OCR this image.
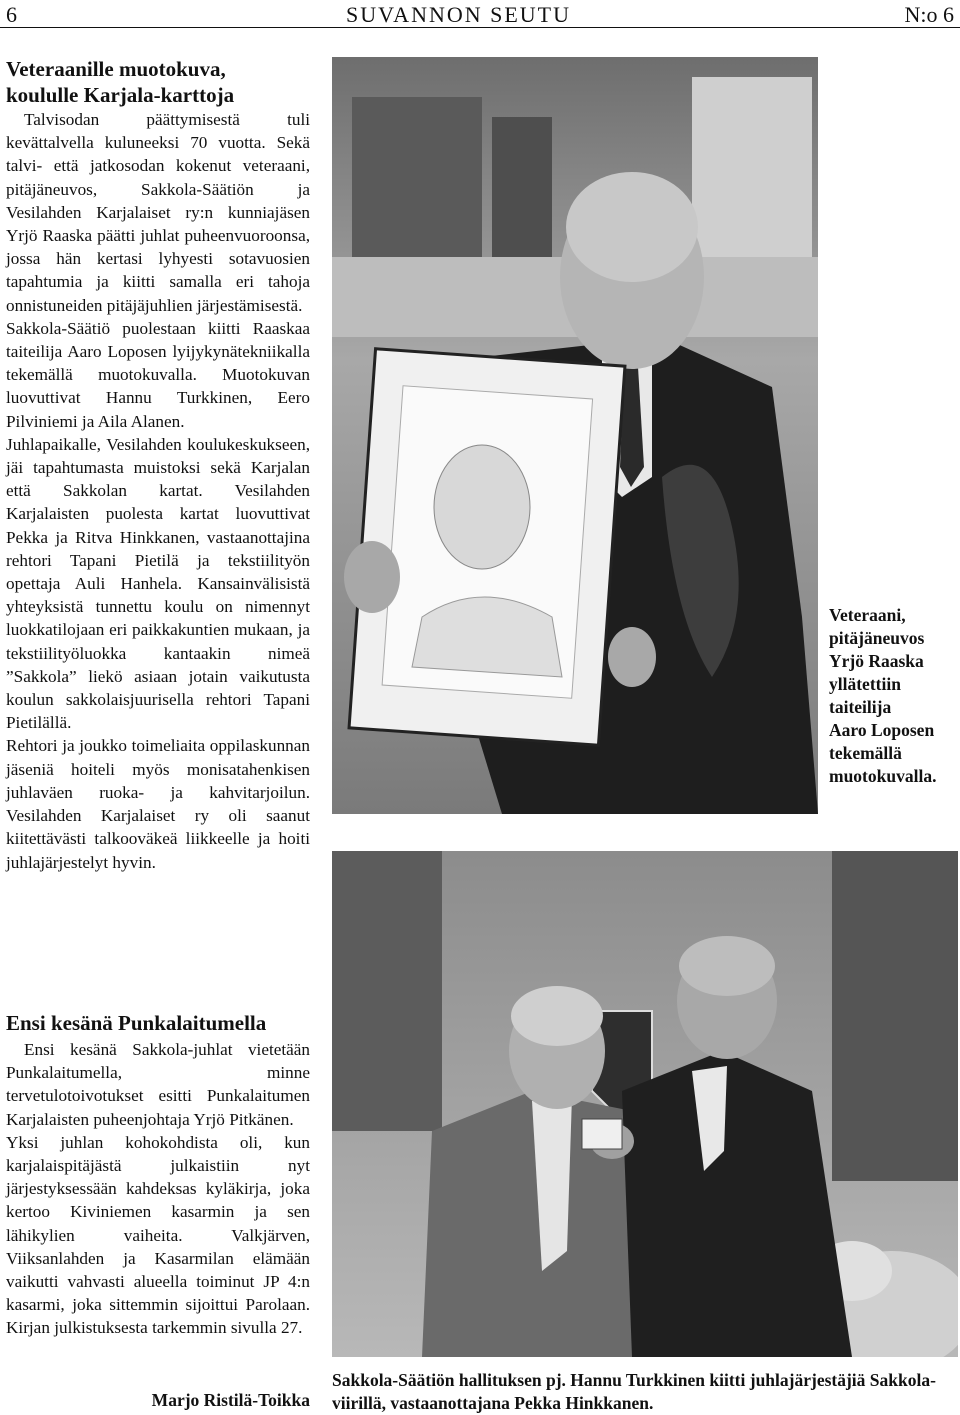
6	SUVANNON SEUTU	N:o 6
Veteraanille muotokuva,
koululle Karjala-karttoja

Talvisodan päättymisestä tuli kevättalvella kuluneeksi 70 vuotta. Sekä talvi- että jatkosodan kokenut veteraani, pitäjäneuvos, Sakkola-Säätiön ja Vesilahden Karjalaiset ry:n kunniajäsen Yrjö Raaska päätti juhlat puheenvuoroonsa, jossa hän kertasi lyhyesti sotavuosien tapahtumia ja kiitti samalla eri tahoja onnistuneiden pitäjäjuhlien järjestämisestä.

Sakkola-Säätiö puolestaan kiitti Raaskaa taiteilija Aaro Loposen lyijykynätekniikalla tekemällä muotokuvalla. Muotokuvan luovuttivat Hannu Turkkinen, Eero Pilviniemi ja Aila Alanen.

Juhlapaikalle, Vesilahden koulukeskukseen, jäi tapahtumasta muistoksi sekä Karjalan että Sakkolan kartat. Vesilahden Karjalaisten puolesta kartat luovuttivat Pekka ja Ritva Hinkkanen, vastaanottajina rehtori Tapani Pietilä ja tekstiilityön opettaja Auli Hanhela. Kansainvälisistä yhteyksistä tunnettu koulu on nimennyt luokkatilojaan eri paikkakuntien mukaan, ja tekstiilityöluokka kantaakin nimeä ”Sakkola” liekö asiaan jotain vaikutusta koulun sakkolaisjuurisella rehtori Tapani Pietilällä.

Rehtori ja joukko toimeliaita oppilaskunnan jäseniä hoiteli myös monisatahenkisen juhlaväen ruoka- ja kahvitarjoilun. Vesilahden Karjalaiset ry oli saanut kiitettävästi talkooväkeä liikkeelle ja hoiti juhlajärjestelyt hyvin.

Ensi kesänä Punkalaitumella

Ensi kesänä Sakkola-juhlat vietetään Punkalaitumella, minne tervetulotoivotukset esitti Punkalaitumen Karjalaisten puheenjohtaja Yrjö Pitkänen.

Yksi juhlan kohokohdista oli, kun karjalaispitäjästä julkaistiin nyt järjestyksessään kahdeksas kyläkirja, joka kertoo Kiviniemen kasarmin ja sen lähikylien vaiheita. Valkjärven, Viiksanlahden ja Kasarmilan elämään vaikutti vahvasti alueella toiminut JP 4:n kasarmi, joka sittemmin sijoittui Parolaan. Kirjan julkistuksesta tarkemmin sivulla 27.

Marjo Ristilä-Toikka
Veteraani,
pitäjäneuvos
Yrjö Raaska
yllätettiin
taiteilija
Aaro Loposen
tekemällä
muotokuvalla.
Sakkola-Säätiön hallituksen pj. Hannu Turkkinen kiitti juhlajärjestäjiä Sakkola-viirillä, vastaanottajana Pekka Hinkkanen.
